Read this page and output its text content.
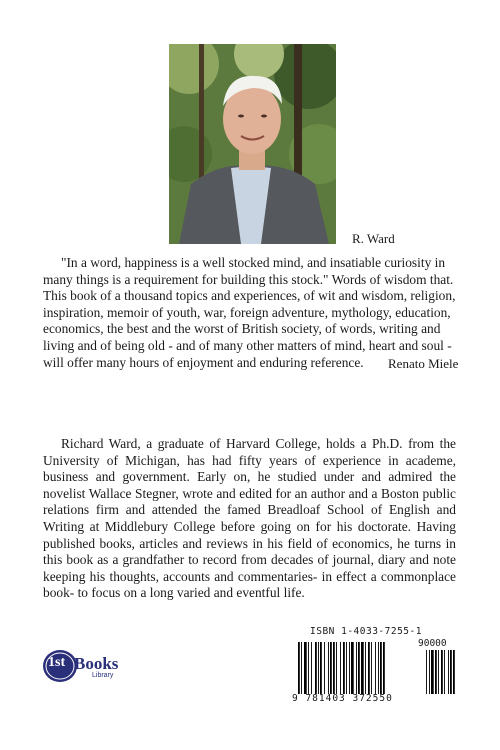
R. Ward

"In a word, happiness is a well stocked mind, and insatiable curiosity in many things is a requirement for building this stock." Words of wisdom that. This book of a thousand topics and experiences, of wit and wisdom, religion, inspiration, memoir of youth, war, foreign adventure, mythology, education, economics, the best and the worst of British society, of words, writing and living and of being old - and of many other matters of mind, heart and soul - will offer many hours of enjoyment and enduring reference.	Renato Miele

Richard Ward, a graduate of Harvard College, holds a Ph.D. from the University of Michigan, has had fifty years of experience in academe, business and government. Early on, he studied under and admired the novelist Wallace Stegner, wrote and edited for an author and a Boston public relations firm and attended the famed Breadloaf School of English and Writing at Middlebury College before going on for his doctorate. Having published books, articles and reviews in his field of economics, he turns in this book as a grandfather to record from decades of journal, diary and note keeping his thoughts, accounts and commentaries- in effect a commonplace book- to focus on a long varied and eventful life.

1st Books
Library
ISBN 1-4033-7255-1
90000
9 781403 372550
